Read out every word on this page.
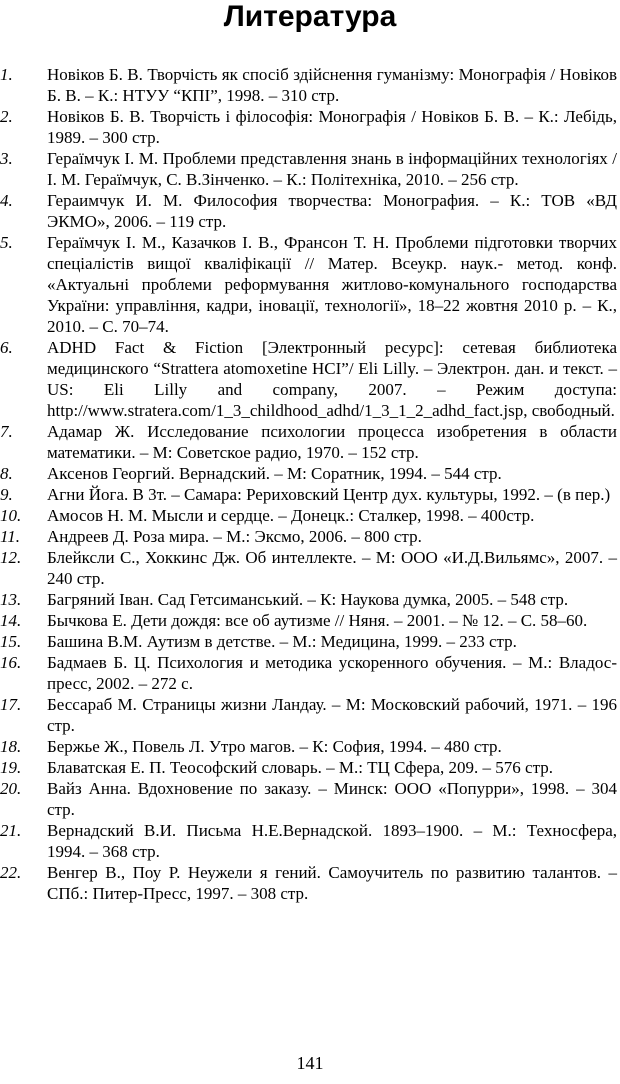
Литература
1. Новіков Б. В. Творчість як спосіб здійснення гуманізму: Монографія / Новіков Б. В. – К.: НТУУ “КПІ”, 1998. – 310 стр.
2. Новіков Б. В. Творчість і філософія: Монографія / Новіков Б. В. – К.: Лебідь, 1989. – 300 стр.
3. Гераїмчук І. М. Проблеми представлення знань в інформаційних технологіях / І. М. Гераїмчук, С. В.Зінченко. – К.: Політехніка, 2010. – 256 стр.
4. Гераимчук И. М. Философия творчества: Монография. – К.: ТОВ «ВД ЭКМО», 2006. – 119 стр.
5. Гераїмчук І. М., Казачков І. В., Франсон Т. Н. Проблеми підготовки творчих спеціалістів вищої кваліфікації // Матер. Всеукр. наук.- метод. конф. «Актуальні проблеми реформування житлово-комунального господарства України: управління, кадри, іновації, технології», 18–22 жовтня 2010 р. – К., 2010. – С. 70–74.
6. ADHD Fact & Fiction [Электронный ресурс]: сетевая библиотека медицинского “Strattera atomoxetine HCI”/ Eli Lilly. – Электрон. дан. и текст. – US: Eli Lilly and company, 2007. – Режим доступа: http://www.stratera.com/1_3_childhood_adhd/1_3_1_2_adhd_fact.jsp, свободный.
7. Адамар Ж. Исследование психологии процесса изобретения в области математики. – М: Советское радио, 1970. – 152 стр.
8. Аксенов Георгий. Вернадский. – М: Соратник, 1994. – 544 стр.
9. Агни Йога. В 3т. – Самара: Рериховский Центр дух. культуры, 1992. – (в пер.)
10. Амосов Н. М. Мысли и сердце. – Донецк.: Сталкер, 1998. – 400стр.
11. Андреев Д. Роза мира. – М.: Эксмо, 2006. – 800 стр.
12. Блейксли С., Хоккинс Дж. Об интеллекте. – М: ООО «И.Д.Вильямс», 2007. – 240 стр.
13. Багряний Іван. Сад Гетсиманський. – К: Наукова думка, 2005. – 548 стр.
14. Бычкова Е. Дети дождя: все об аутизме // Няня. – 2001. – № 12. – С. 58–60.
15. Башина В.М. Аутизм в детстве. – М.: Медицина, 1999. – 233 стр.
16. Бадмаев Б. Ц. Психология и методика ускоренного обучения. – М.: Владос-пресс, 2002. – 272 с.
17. Бессараб М. Страницы жизни Ландау. – М: Московский рабочий, 1971. – 196 стр.
18. Бержье Ж., Повель Л. Утро магов. – К: София, 1994. – 480 стр.
19. Блаватская Е. П. Теософский словарь. – М.: ТЦ Сфера, 209. – 576 стр.
20. Вайз Анна. Вдохновение по заказу. – Минск: ООО «Попурри», 1998. – 304 стр.
21. Вернадский В.И. Письма Н.Е.Вернадской. 1893–1900. – М.: Техносфера, 1994. – 368 стр.
22. Венгер В., Поу Р. Неужели я гений. Самоучитель по развитию талантов. – СПб.: Питер-Пресс, 1997. – 308 стр.
141
